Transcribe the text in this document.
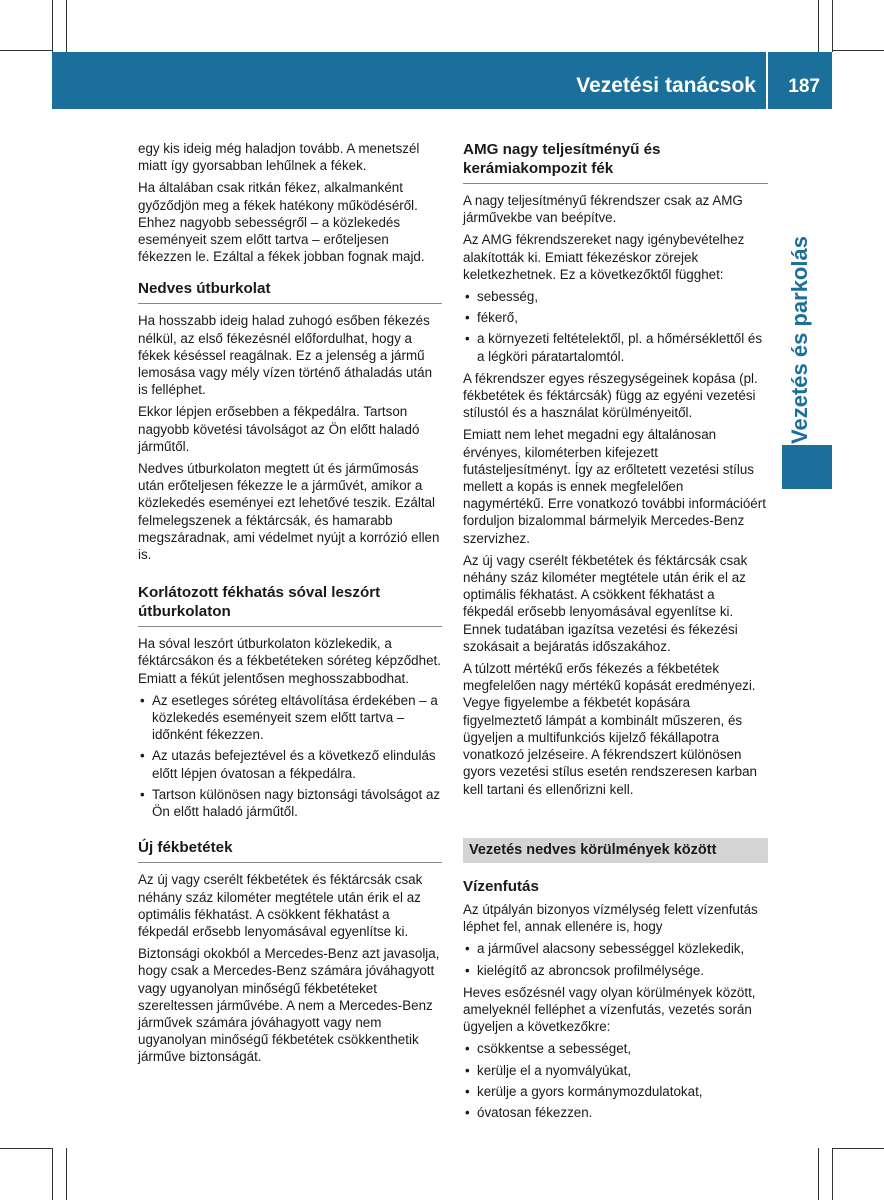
Vezetési tanácsok 187
Vezetés és parkolás

egy kis ideig még haladjon tovább. A menetszél miatt így gyorsabban lehűlnek a fékek.

Ha általában csak ritkán fékez, alkalmanként győződjön meg a fékek hatékony működéséről. Ehhez nagyobb sebességről – a közlekedés eseményeit szem előtt tartva – erőteljesen fékezzen le. Ezáltal a fékek jobban fognak majd.

Nedves útburkolat

Ha hosszabb ideig halad zuhogó esőben fékezés nélkül, az első fékezésnél előfordulhat, hogy a fékek késéssel reagálnak. Ez a jelenség a jármű lemosása vagy mély vízen történő áthaladás után is felléphet.

Ekkor lépjen erősebben a fékpedálra. Tartson nagyobb követési távolságot az Ön előtt haladó járműtől.

Nedves útburkolaton megtett út és járműmosás után erőteljesen fékezze le a járművét, amikor a közlekedés eseményei ezt lehetővé teszik. Ezáltal felmelegszenek a féktárcsák, és hamarabb megszáradnak, ami védelmet nyújt a korrózió ellen is.

Korlátozott fékhatás sóval leszórt útburkolaton

Ha sóval leszórt útburkolaton közlekedik, a féktárcsákon és a fékbetéteken sóréteg képződhet. Emiatt a fékút jelentősen meghosszabbodhat.

• Az esetleges sóréteg eltávolítása érdekében – a közlekedés eseményeit szem előtt tartva – időnként fékezzen.
• Az utazás befejeztével és a következő elindulás előtt lépjen óvatosan a fékpedálra.
• Tartson különösen nagy biztonsági távolságot az Ön előtt haladó járműtől.
Új fékbetétek

Az új vagy cserélt fékbetétek és féktárcsák csak néhány száz kilométer megtétele után érik el az optimális fékhatást. A csökkent fékhatást a fékpedál erősebb lenyomásával egyenlítse ki.

Biztonsági okokból a Mercedes-Benz azt javasolja, hogy csak a Mercedes-Benz számára jóváhagyott vagy ugyanolyan minőségű fékbetéteket szereltessen járművébe. A nem a Mercedes-Benz járművek számára jóváhagyott vagy nem ugyanolyan minőségű fékbetétek csökkenthetik járműve biztonságát.

AMG nagy teljesítményű és kerámiakompozit fék

A nagy teljesítményű fékrendszer csak az AMG járművekbe van beépítve.

Az AMG fékrendszereket nagy igénybevételhez alakították ki. Emiatt fékezéskor zörejek keletkezhetnek. Ez a következőktől függhet:

• sebesség,
• fékerő,
• a környezeti feltételektől, pl. a hőmérséklettől és a légköri páratartalomtól.

A fékrendszer egyes részegységeinek kopása (pl. fékbetétek és féktárcsák) függ az egyéni vezetési stílustól és a használat körülményeitől.

Emiatt nem lehet megadni egy általánosan érvényes, kilométerben kifejezett futásteljesítményt. Így az erőltetett vezetési stílus mellett a kopás is ennek megfelelően nagymértékű. Erre vonatkozó további információért forduljon bizalommal bármelyik Mercedes-Benz szervizhez.

Az új vagy cserélt fékbetétek és féktárcsák csak néhány száz kilométer megtétele után érik el az optimális fékhatást. A csökkent fékhatást a fékpedál erősebb lenyomásával egyenlítse ki. Ennek tudatában igazítsa vezetési és fékezési szokásait a bejáratás időszakához.

A túlzott mértékű erős fékezés a fékbetétek megfelelően nagy mértékű kopását eredményezi. Vegye figyelembe a fékbetét kopására figyelmeztető lámpát a kombinált műszeren, és ügyeljen a multifunkciós kijelző fékállapotra vonatkozó jelzéseire. A fékrendszert különösen gyors vezetési stílus esetén rendszeresen karban kell tartani és ellenőrizni kell.

Vezetés nedves körülmények között
Vízenfutás

Az útpályán bizonyos vízmélység felett vízenfutás léphet fel, annak ellenére is, hogy

• a járművel alacsony sebességgel közlekedik,
• kielégítő az abroncsok profilmélysége.

Heves esőzésnél vagy olyan körülmények között, amelyeknél felléphet a vízenfutás, vezetés során ügyeljen a következőkre:

• csökkentse a sebességet,
• kerülje el a nyomvályúkat,
• kerülje a gyors kormánymozdulatokat,
• óvatosan fékezzen.
